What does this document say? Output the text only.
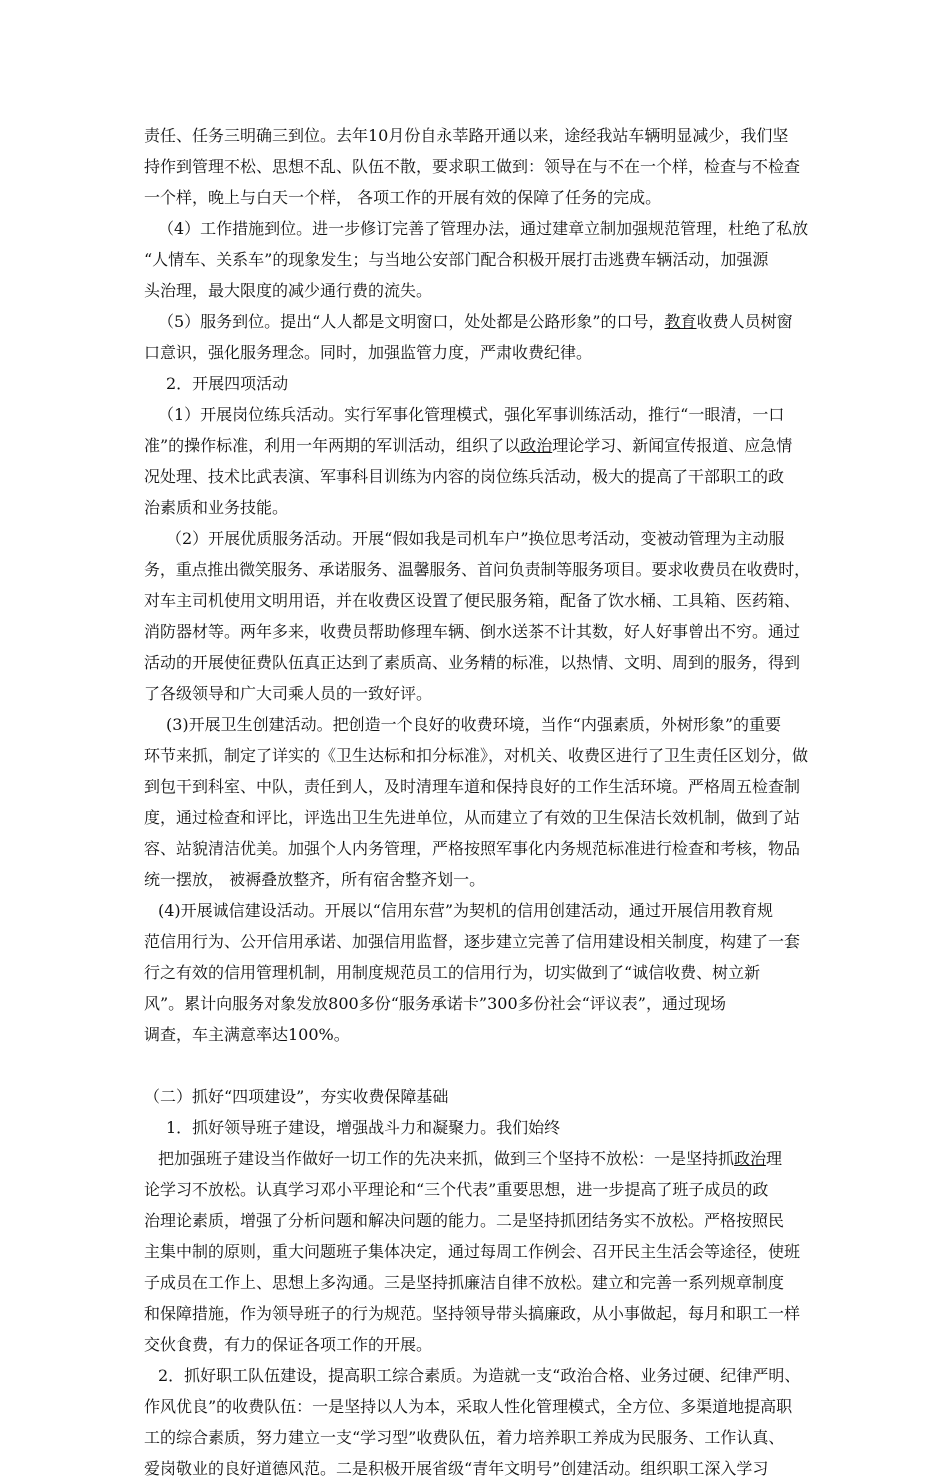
责任、任务三明确三到位。去年10月份自永莘路开通以来，途经我站车辆明显减少，我们坚
持作到管理不松、思想不乱、队伍不散，要求职工做到：领导在与不在一个样，检查与不检查
一个样，晚上与白天一个样， 各项工作的开展有效的保障了任务的完成。
（4）工作措施到位。进一步修订完善了管理办法，通过建章立制加强规范管理，杜绝了私放
“人情车、关系车”的现象发生；与当地公安部门配合积极开展打击逃费车辆活动，加强源
头治理，最大限度的减少通行费的流失。
（5）服务到位。提出“人人都是文明窗口，处处都是公路形象”的口号，教育收费人员树窗
口意识，强化服务理念。同时，加强监管力度，严肃收费纪律。
2．开展四项活动
（1）开展岗位练兵活动。实行军事化管理模式，强化军事训练活动，推行“一眼清，一口
准”的操作标准，利用一年两期的军训活动，组织了以政治理论学习、新闻宣传报道、应急情
况处理、技术比武表演、军事科目训练为内容的岗位练兵活动，极大的提高了干部职工的政
治素质和业务技能。
（2）开展优质服务活动。开展“假如我是司机车户”换位思考活动，变被动管理为主动服
务，重点推出微笑服务、承诺服务、温馨服务、首问负责制等服务项目。要求收费员在收费时，
对车主司机使用文明用语，并在收费区设置了便民服务箱，配备了饮水桶、工具箱、医药箱、
消防器材等。两年多来，收费员帮助修理车辆、倒水送茶不计其数，好人好事曾出不穷。通过
活动的开展使征费队伍真正达到了素质高、业务精的标准，以热情、文明、周到的服务，得到
了各级领导和广大司乘人员的一致好评。
(3)开展卫生创建活动。把创造一个良好的收费环境，当作“内强素质，外树形象”的重要
环节来抓，制定了详实的《卫生达标和扣分标准》，对机关、收费区进行了卫生责任区划分，做
到包干到科室、中队，责任到人，及时清理车道和保持良好的工作生活环境。严格周五检查制
度，通过检查和评比，评选出卫生先进单位，从而建立了有效的卫生保洁长效机制，做到了站
容、站貌清洁优美。加强个人内务管理，严格按照军事化内务规范标准进行检查和考核，物品
统一摆放， 被褥叠放整齐，所有宿舍整齐划一。
(4)开展诚信建设活动。开展以“信用东营”为契机的信用创建活动，通过开展信用教育规
范信用行为、公开信用承诺、加强信用监督，逐步建立完善了信用建设相关制度，构建了一套
行之有效的信用管理机制，用制度规范员工的信用行为，切实做到了“诚信收费、树立新
风”。累计向服务对象发放800多份“服务承诺卡”300多份社会“评议表”，通过现场
调查，车主满意率达100%。
（二）抓好“四项建设”，夯实收费保障基础
1．抓好领导班子建设，增强战斗力和凝聚力。我们始终
把加强班子建设当作做好一切工作的先决来抓，做到三个坚持不放松：一是坚持抓政治理
论学习不放松。认真学习邓小平理论和“三个代表”重要思想，进一步提高了班子成员的政
治理论素质，增强了分析问题和解决问题的能力。二是坚持抓团结务实不放松。严格按照民
主集中制的原则，重大问题班子集体决定，通过每周工作例会、召开民主生活会等途径，使班
子成员在工作上、思想上多沟通。三是坚持抓廉洁自律不放松。建立和完善一系列规章制度
和保障措施，作为领导班子的行为规范。坚持领导带头搞廉政，从小事做起，每月和职工一样
交伙食费，有力的保证各项工作的开展。
2．抓好职工队伍建设，提高职工综合素质。为造就一支“政治合格、业务过硬、纪律严明、
作风优良”的收费队伍：一是坚持以人为本，采取人性化管理模式，全方位、多渠道地提高职
工的综合素质，努力建立一支“学习型”收费队伍，着力培养职工养成为民服务、工作认真、
爱岗敬业的良好道德风范。二是积极开展省级“青年文明号”创建活动。组织职工深入学习
